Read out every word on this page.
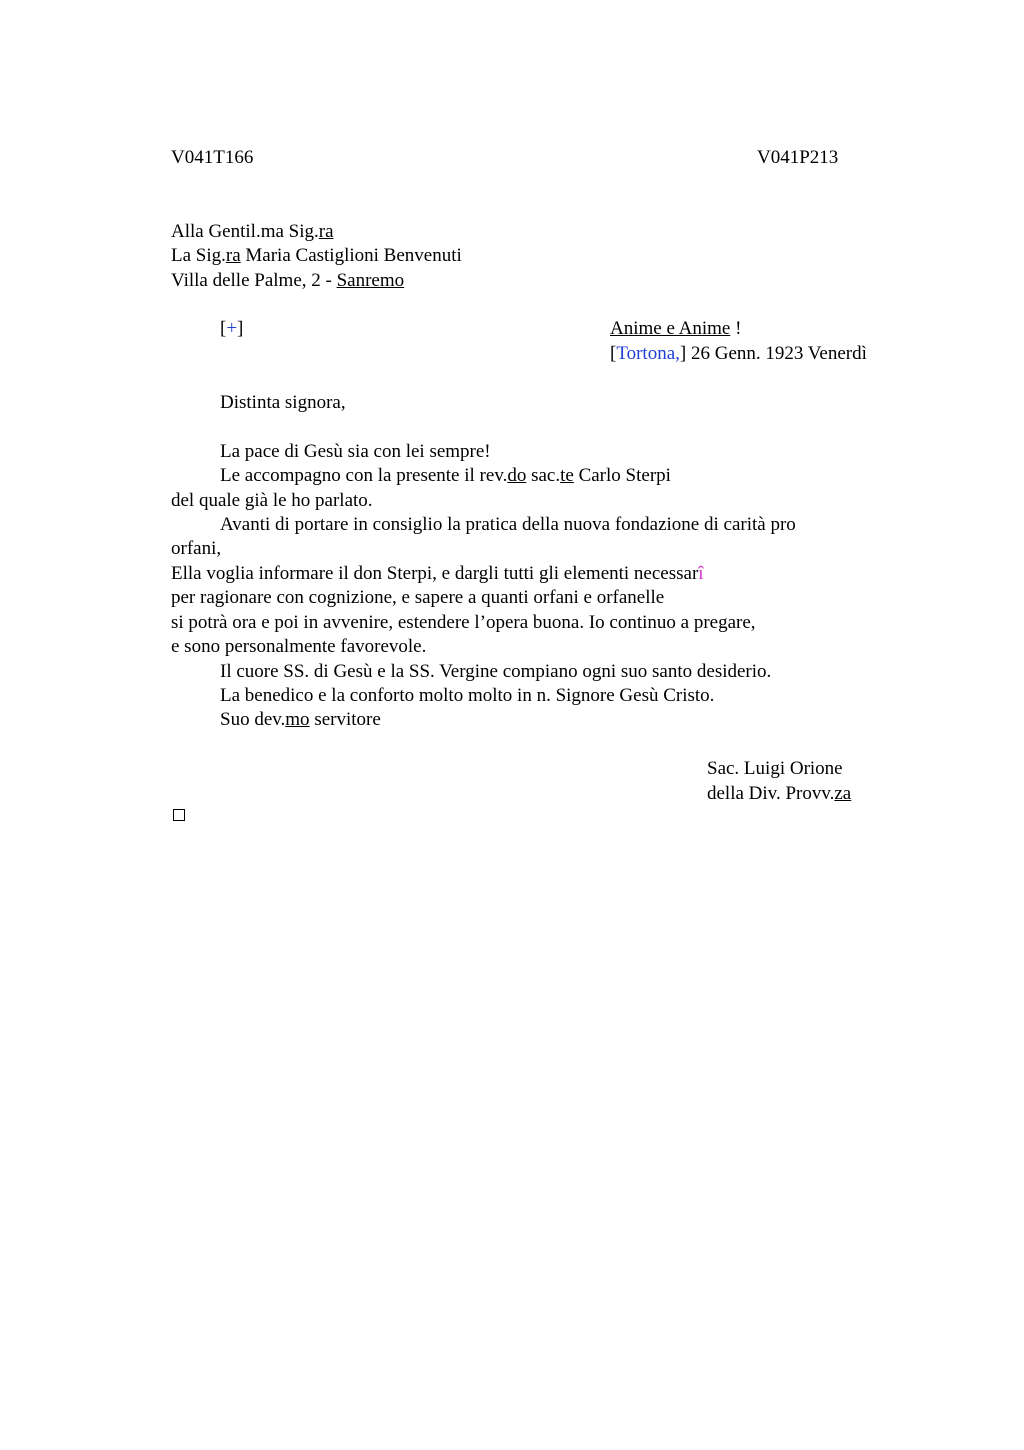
V041T166	V041P213
Alla Gentil.ma Sig.ra
La Sig.ra Maria Castiglioni Benvenuti
Villa delle Palme, 2 - Sanremo
[+]	Anime e Anime !
[Tortona,] 26 Genn. 1923 Venerdì
Distinta signora,
La pace di Gesù sia con lei sempre!
Le accompagno con la presente il rev.do sac.te Carlo Sterpi
del quale già le ho parlato.
Avanti di portare in consiglio la pratica della nuova fondazione di carità pro
orfani,
Ella voglia informare il don Sterpi, e dargli tutti gli elementi necessarî
per ragionare con cognizione, e sapere a quanti orfani e orfanelle
si potrà ora e poi in avvenire, estendere l’opera buona. Io continuo a pregare,
e sono personalmente favorevole.
Il cuore SS. di Gesù e la SS. Vergine compiano ogni suo santo desiderio.
La benedico e la conforto molto molto in n. Signore Gesù Cristo.
Suo dev.mo servitore
Sac. Luigi Orione
della Div. Provv.za
